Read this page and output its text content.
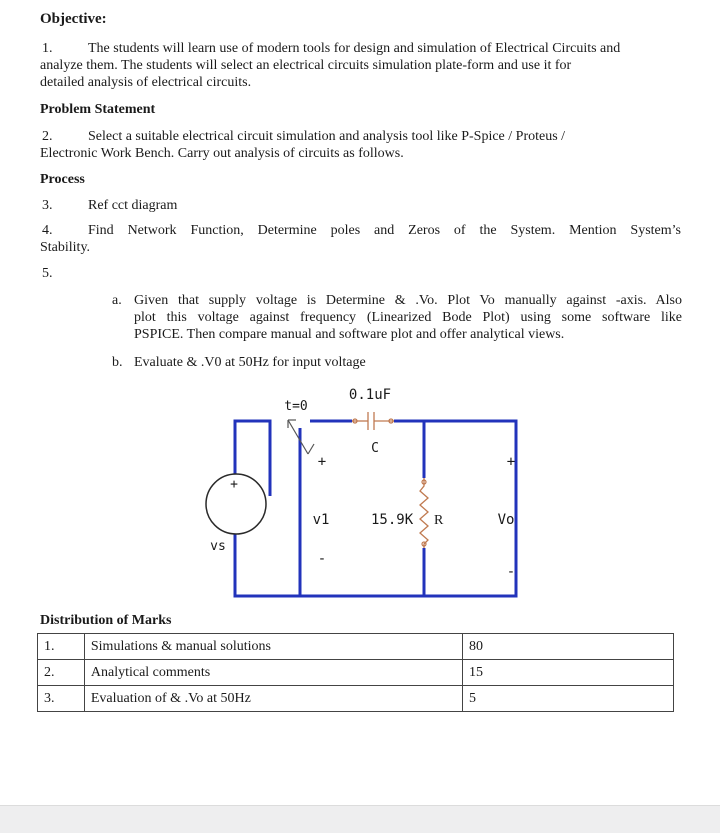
Objective:
1.	The students will learn use of modern tools for design and simulation of Electrical Circuits and
analyze them. The students will select an electrical circuits simulation plate-form and use it for
detailed analysis of electrical circuits.
Problem Statement
2.	Select a suitable electrical circuit simulation and analysis tool like P-Spice / Proteus /
Electronic Work Bench. Carry out analysis of circuits as follows.
Process
3.	Ref cct diagram
4.	Find Network Function, Determine poles and Zeros of the System. Mention System’s
Stability.
5.
a. Given that supply voltage is Determine & .Vo. Plot Vo manually against -axis. Also
plot this voltage against frequency (Linearized Bode Plot) using some software like
PSPICE. Then compare manual and software plot and offer analytical views.
b. Evaluate & .V0 at 50Hz for input voltage
+
vs
t=0
0.1uF
C
15.9K R
+
v1
-
+
Vo
-
Distribution of Marks
1.	Simulations & manual solutions	80
2.	Analytical comments	15
3.	Evaluation of & .Vo at 50Hz	5
